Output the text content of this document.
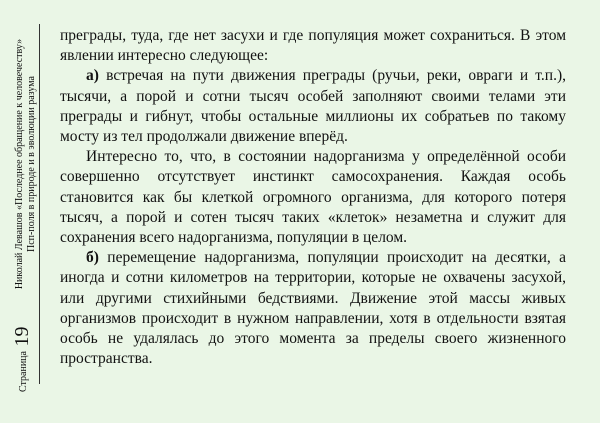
Страница 19
Николай Левашов «Последнее обращение к человечеству» Псп-поля в природе и в эволюции разума

преграды, туда, где нет засухи и где популяция может сохраниться. В этом явлении интересно следующее:

а) встречая на пути движения преграды (ручьи, реки, овраги и т.п.), тысячи, а порой и сотни тысяч особей заполняют своими телами эти преграды и гибнут, чтобы остальные миллионы их собратьев по такому мосту из тел продолжали движение вперёд.

Интересно то, что, в состоянии надорганизма у определённой особи совершенно отсутствует инстинкт самосохранения. Каждая особь становится как бы клеткой огромного организма, для которого потеря тысяч, а порой и сотен тысяч таких «клеток» незаметна и служит для сохранения всего надорганизма, популяции в целом.

б) перемещение надорганизма, популяции происходит на десятки, а иногда и сотни километров на территории, которые не охвачены засухой, или другими стихийными бедствиями. Движение этой массы живых организмов происходит в нужном направлении, хотя в отдельности взятая особь не удалялась до этого момента за пределы своего жизненного пространства.
